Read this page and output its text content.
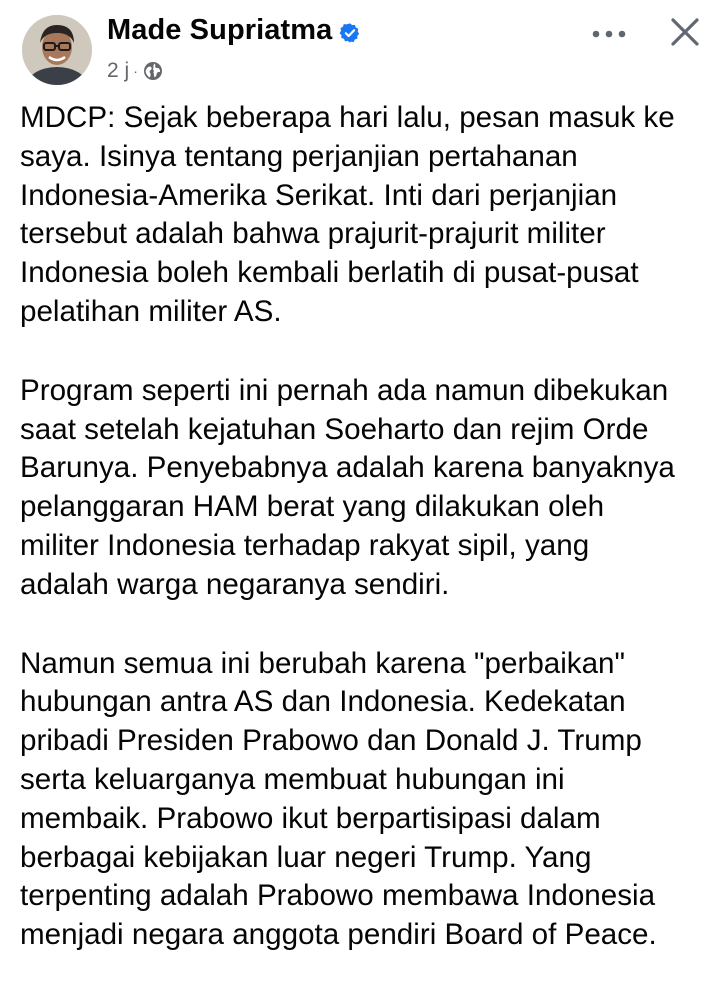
Made Supriatma
2 j ·

MDCP: Sejak beberapa hari lalu, pesan masuk ke
saya. Isinya tentang perjanjian pertahanan
Indonesia-Amerika Serikat. Inti dari perjanjian
tersebut adalah bahwa prajurit-prajurit militer
Indonesia boleh kembali berlatih di pusat-pusat
pelatihan militer AS.

Program seperti ini pernah ada namun dibekukan
saat setelah kejatuhan Soeharto dan rejim Orde
Barunya. Penyebabnya adalah karena banyaknya
pelanggaran HAM berat yang dilakukan oleh
militer Indonesia terhadap rakyat sipil, yang
adalah warga negaranya sendiri.

Namun semua ini berubah karena "perbaikan"
hubungan antra AS dan Indonesia. Kedekatan
pribadi Presiden Prabowo dan Donald J. Trump
serta keluarganya membuat hubungan ini
membaik. Prabowo ikut berpartisipasi dalam
berbagai kebijakan luar negeri Trump. Yang
terpenting adalah Prabowo membawa Indonesia
menjadi negara anggota pendiri Board of Peace.
